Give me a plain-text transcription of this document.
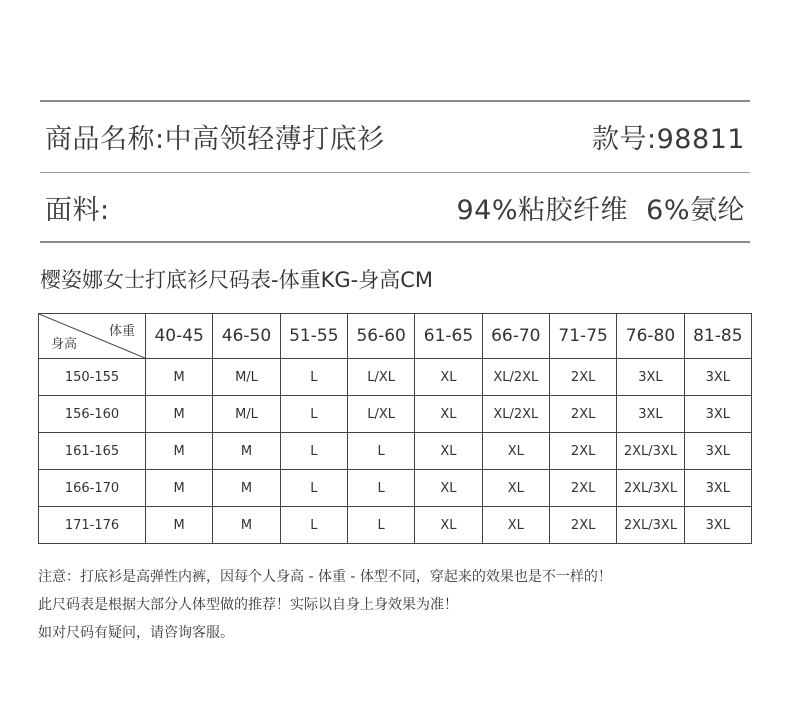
商品名称:中高领轻薄打底衫	款号:98811
面料:	94%粘胶纤维  6%氨纶
樱姿娜女士打底衫尺码表-体重KG-身高CM
体重
身高	40-45	46-50	51-55	56-60	61-65	66-70	71-75	76-80	81-85
150-155	M	M/L	L	L/XL	XL	XL/2XL	2XL	3XL	3XL
156-160	M	M/L	L	L/XL	XL	XL/2XL	2XL	3XL	3XL
161-165	M	M	L	L	XL	XL	2XL	2XL/3XL	3XL
166-170	M	M	L	L	XL	XL	2XL	2XL/3XL	3XL
171-176	M	M	L	L	XL	XL	2XL	2XL/3XL	3XL
注意：打底衫是高弹性内裤，因每个人身高 - 体重 - 体型不同，穿起来的效果也是不一样的！
此尺码表是根据大部分人体型做的推荐！实际以自身上身效果为准！
如对尺码有疑问，请咨询客服。
